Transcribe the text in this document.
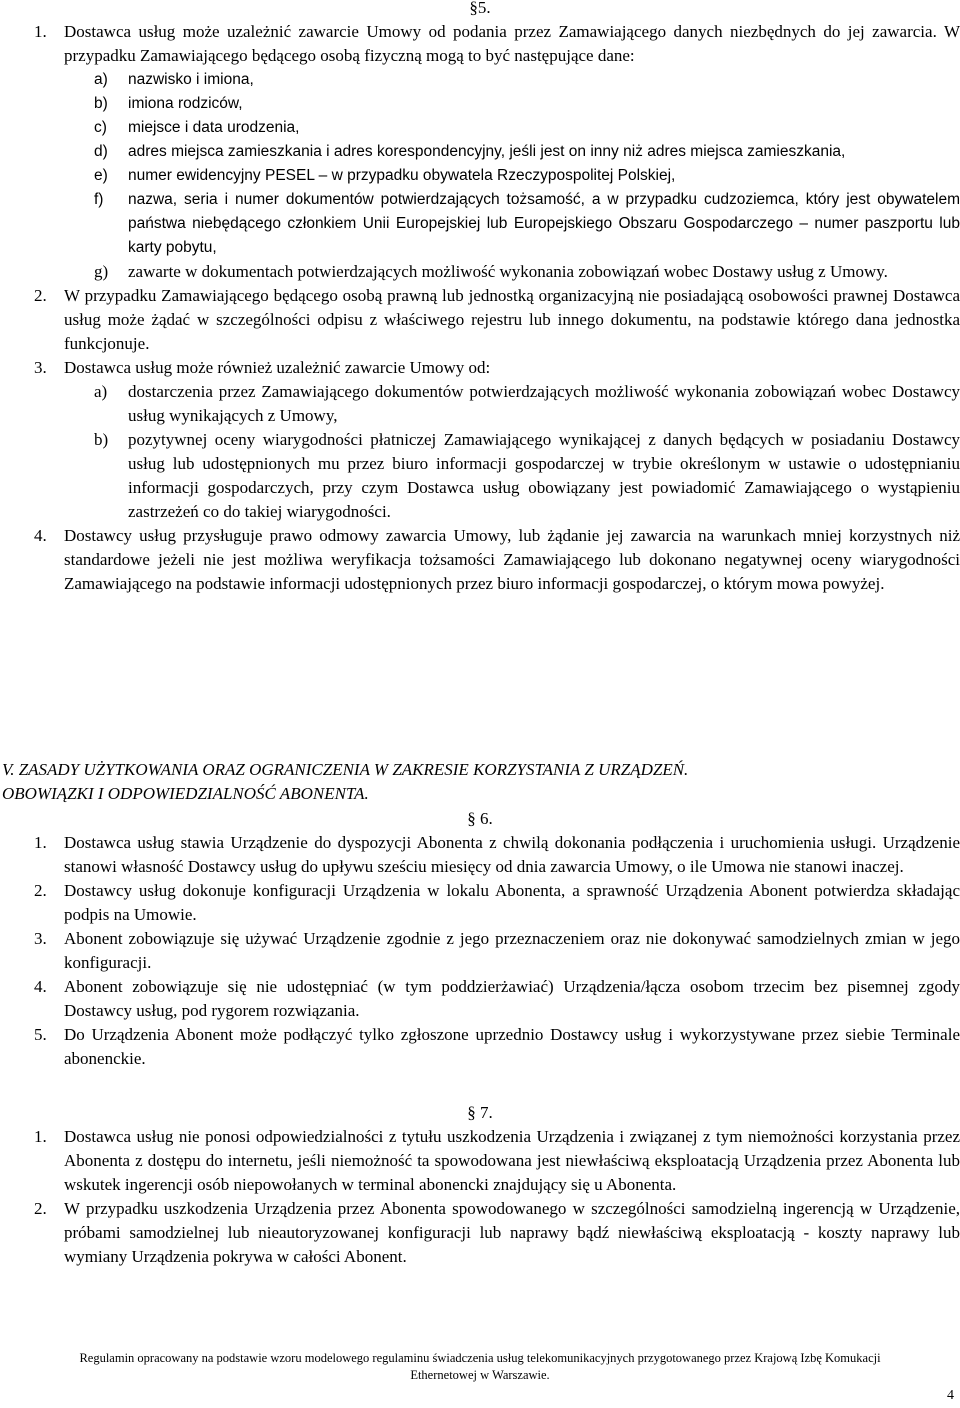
§5.

1. Dostawca usług może uzależnić zawarcie Umowy od podania przez Zamawiającego danych niezbędnych do jej zawarcia. W przypadku Zamawiającego będącego osobą fizyczną mogą to być następujące dane:
a) nazwisko i imiona,
b) imiona rodziców,
c) miejsce i data urodzenia,
d) adres miejsca zamieszkania i adres korespondencyjny, jeśli jest on inny niż adres miejsca zamieszkania,
e) numer ewidencyjny PESEL – w przypadku obywatela Rzeczypospolitej Polskiej,
f) nazwa, seria i numer dokumentów potwierdzających tożsamość, a w przypadku cudzoziemca, który jest obywatelem państwa niebędącego członkiem Unii Europejskiej lub Europejskiego Obszaru Gospodarczego – numer paszportu lub karty pobytu,
g) zawarte w dokumentach potwierdzających możliwość wykonania zobowiązań wobec Dostawy usług z Umowy.
2. W przypadku Zamawiającego będącego osobą prawną lub jednostką organizacyjną nie posiadającą osobowości prawnej Dostawca usług może żądać w szczególności odpisu z właściwego rejestru lub innego dokumentu, na podstawie którego dana jednostka funkcjonuje.
3. Dostawca usług może również uzależnić zawarcie Umowy od:
a) dostarczenia przez Zamawiającego dokumentów potwierdzających możliwość wykonania zobowiązań wobec Dostawcy usług wynikających z Umowy,
b) pozytywnej oceny wiarygodności płatniczej Zamawiającego wynikającej z danych będących w posiadaniu Dostawcy usług lub udostępnionych mu przez biuro informacji gospodarczej w trybie określonym w ustawie o udostępnianiu informacji gospodarczych, przy czym Dostawca usług obowiązany jest powiadomić Zamawiającego o wystąpieniu zastrzeżeń co do takiej wiarygodności.
4. Dostawcy usług przysługuje prawo odmowy zawarcia Umowy, lub żądanie jej zawarcia na warunkach mniej korzystnych niż standardowe jeżeli nie jest możliwa weryfikacja tożsamości Zamawiającego lub dokonano negatywnej oceny wiarygodności Zamawiającego na podstawie informacji udostępnionych przez biuro informacji gospodarczej, o którym mowa powyżej.

V. ZASADY UŻYTKOWANIA ORAZ OGRANICZENIA W ZAKRESIE KORZYSTANIA Z URZĄDZEŃ.

OBOWIĄZKI I ODPOWIEDZIALNOŚĆ ABONENTA.

§ 6.

1. Dostawca usług stawia Urządzenie do dyspozycji Abonenta z chwilą dokonania podłączenia i uruchomienia usługi. Urządzenie stanowi własność Dostawcy usług do upływu sześciu miesięcy od dnia zawarcia Umowy, o ile Umowa nie stanowi inaczej.
2. Dostawcy usług dokonuje konfiguracji Urządzenia w lokalu Abonenta, a sprawność Urządzenia Abonent potwierdza składając podpis na Umowie.
3. Abonent zobowiązuje się używać Urządzenie zgodnie z jego przeznaczeniem oraz nie dokonywać samodzielnych zmian w jego konfiguracji.
4. Abonent zobowiązuje się nie udostępniać (w tym poddzierżawiać) Urządzenia/łącza osobom trzecim bez pisemnej zgody Dostawcy usług, pod rygorem rozwiązania.
5. Do Urządzenia Abonent może podłączyć tylko zgłoszone uprzednio Dostawcy usług i wykorzystywane przez siebie Terminale abonenckie.

§ 7.

1. Dostawca usług nie ponosi odpowiedzialności z tytułu uszkodzenia Urządzenia i związanej z tym niemożności korzystania przez Abonenta z dostępu do internetu, jeśli niemożność ta spowodowana jest niewłaściwą eksploatacją Urządzenia przez Abonenta lub wskutek ingerencji osób niepowołanych w terminal abonencki znajdujący się u Abonenta.
2. W przypadku uszkodzenia Urządzenia przez Abonenta spowodowanego w szczególności samodzielną ingerencją w Urządzenie, próbami samodzielnej lub nieautoryzowanej konfiguracji lub naprawy bądź niewłaściwą eksploatacją - koszty naprawy lub wymiany Urządzenia pokrywa w całości Abonent.
Regulamin opracowany na podstawie wzoru modelowego regulaminu świadczenia usług telekomunikacyjnych przygotowanego przez Krajową Izbę Komukacji
Ethernetowej w Warszawie.
4
